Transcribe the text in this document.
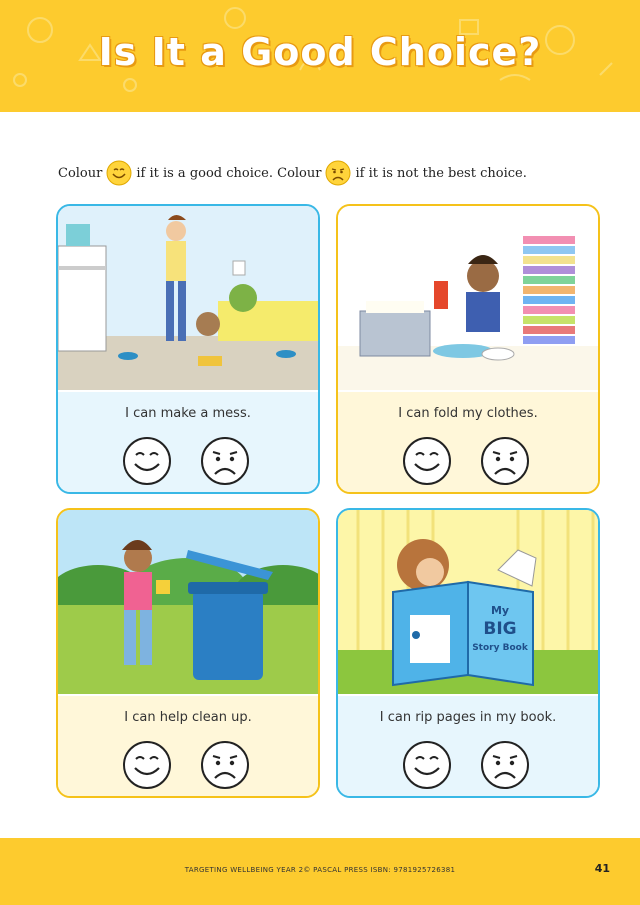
Is It a Good Choice?
Colour	if it is a good choice. Colour	if it is not the best choice.
I can make a mess.	I can fold my clothes.
I can help clean up.
My
BIG
Story Book
I can rip pages in my book.
TARGETING WELLBEING YEAR 2© PASCAL PRESS ISBN: 9781925726381	41
